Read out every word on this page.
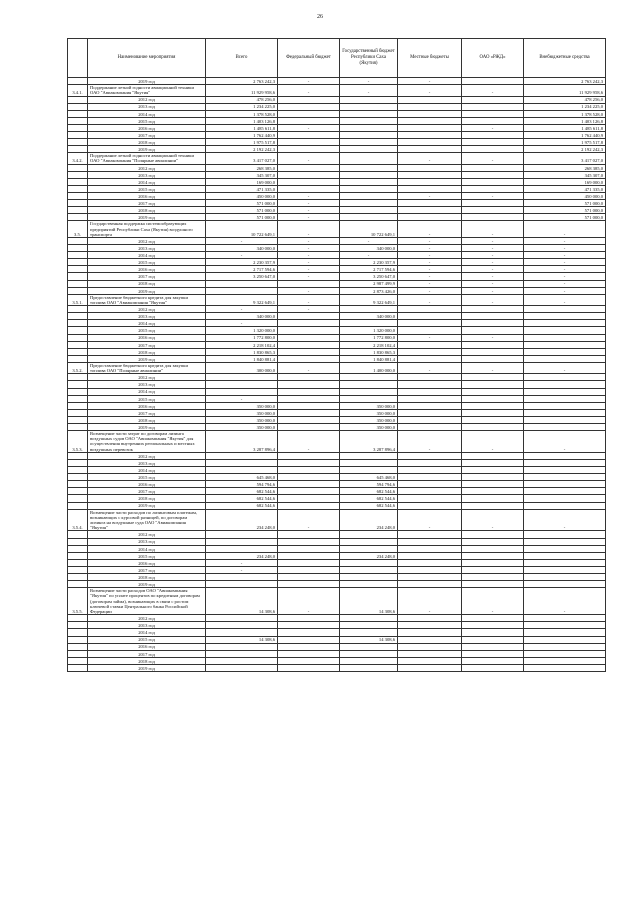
26
	Наименование мероприятия	Всего	Федеральный бюджет	Государственный бюджет Республики Саха (Якутия)	Местные бюджеты	ОАО «РЖД»	Внебюджетные средства
	2019 год	2 763 242,3	-	-	-		2 763 242,3
3.4.1.	Поддержание летной годности авиационной техники ОАО "Авиакомпания "Якутия"	11 929 958,6	-	-	-	-	11 929 958,6
	2012 год	478 256,0					478 256,0
	2013 год	1 234 225,0					1 234 225,0
	2014 год	1 378 528,0					1 378 528,0
	2015 год	1 403 126,8					1 403 126,8
	2016 год	1 485 611,8	-			-	1 485 611,8
	2017 год	1 762 440,9					1 762 440,9
	2018 год	1 975 517,8					1 975 517,8
	2019 год	2 192 242,3					2 192 242,3
3.4.2.	Поддержание летной годности авиационной техники ОАО "Авиакомпания "Полярные авиалинии"	3 417 027,0	-		-	-	3 417 027,0
	2012 год	268 385,0					268 385,0
	2013 год	345 307,0					345 307,0
	2014 год	169 000,0					169 000,0
	2015 год	471 335,0					471 335,0
	2016 год	450 000,0	-		-	-	450 000,0
	2017 год	571 000,0	-				571 000,0
	2018 год	571 000,0	-				571 000,0
	2019 год	571 000,0	-				571 000,0
3.5.	Государственная поддержка системообразующих предприятий Республики Саха (Якутия) воздушного транспорта	10 722 649,1	-	10 722 649,1	-	-	-
	2012 год	-	-	-	-	-	-
	2013 год	340 000,0	-	340 000,0	-	-	-
	2014 год	-	-	-	-	-	-
	2015 год	2 230 357,9	-	2 230 357,9	-	-	-
	2016 год	2 717 594,6	-	2 717 594,6	-	-	-
	2017 год	3 250 647,0	-	3 250 647,0	-	-	-
	2018 год			2 987 499,9	-	-	-
	2019 год		-	2 873 426,0	-	-	-
3.5.1.	Предоставление бюджетного кредита для закупки топлива ОАО "Авиакомпания "Якутия"	9 322 649,1	-	9 322 649,1	-	-	-
	2012 год	-	-				
	2013 год	340 000,0		340 000,0			
	2014 год	-					
	2015 год	1 320 000,0		1 320 000,0			
	2016 год	1 772 800,0		1 772 800,0	-	-	
	2017 год	2 218 102,4		2 218 102,4			
	2018 год	1 830 865,3		1 830 865,3			
	2019 год	1 840 881,4		1 840 881,4			
3.5.2.	Предоставление бюджетного кредита для закупки топлива ОАО "Полярные авиалинии"	300 000,0	-	1 400 000,0	-	-	-
	2012 год						
	2013 год						
	2014 год						
	2015 год	-					
	2016 год	350 000,0		350 000,0			
	2017 год	350 000,0		350 000,0			
	2018 год	350 000,0		350 000,0			
	2019 год	350 000,0		350 000,0			
3.5.3.	Возмещение части затрат по договорам лизинга воздушных судов ОАО "Авиакомпания "Якутия" для осуществления внутренних региональных и местных воздушных перевозок	3 287 896,4	-	3 287 896,4	-	-	-
	2012 год						
	2013 год						
	2014 год						
	2015 год	645 468,0		645 468,0			
	2016 год	594 794,6		594 794,6			
	2017 год	682 544,6		682 544,6			
	2018 год	682 544,6		682 544,6			
	2019 год	682 544,6		682 544,6			
3.5.4.	Возмещение части расходов по лизинговым платежам, возникающих с курсовой разницей, по договорам лизинга на воздушные суда ОАО "Авиакомпания "Якутия"	234 248,0	-	234 248,0	-	-	-
	2012 год						
	2013 год						
	2014 год						
	2015 год	234 248,0		234 248,0			
	2016 год	-					
	2017 год	-					
	2018 год						
	2019 год						
3.5.5.	Возмещение части расходов ОАО "Авиакомпания "Якутия" по уплате процентов по кредитным договорам (договорам займа), возникающих в связи с ростом ключевой ставки Центрального банка Российской Федерации	14 308,6	-	14 308,6	-	-	-
	2012 год						
	2013 год						
	2014 год						
	2015 год	14 308,6		14 308,6			
	2016 год						
	2017 год						
	2018 год						
	2019 год						
